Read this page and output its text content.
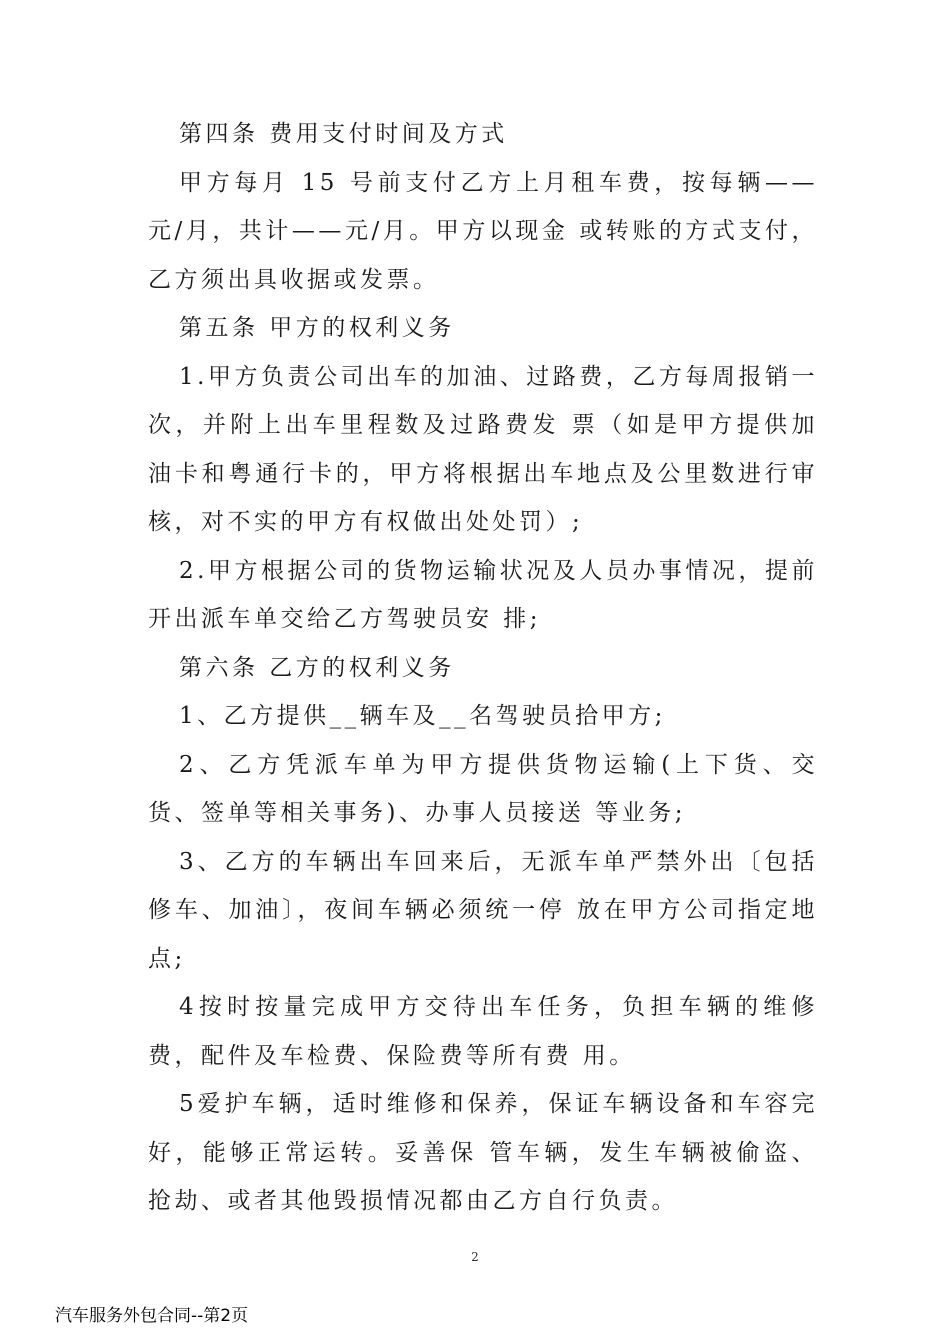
第四条 费用支付时间及方式

甲方每月 15 号前支付乙方上月租车费，按每辆——元/月，共计——元/月。甲方以现金 或转账的方式支付，乙方须出具收据或发票。

第五条 甲方的权利义务

1.甲方负责公司出车的加油、过路费，乙方每周报销一次，并附上出车里程数及过路费发 票（如是甲方提供加油卡和粤通行卡的，甲方将根据出车地点及公里数进行审核，对不实的甲方有权做出处处罚）;

2.甲方根据公司的货物运输状况及人员办事情况，提前开出派车单交给乙方驾驶员安 排;

第六条 乙方的权利义务

1、乙方提供__辆车及__名驾驶员拾甲方;

2、乙方凭派车单为甲方提供货物运输(上下货、交货、签单等相关事务)、办事人员接送 等业务;

3、乙方的车辆出车回来后，无派车单严禁外出〔包括修车、加油〕，夜间车辆必须统一停 放在甲方公司指定地点;

4按时按量完成甲方交待出车任务，负担车辆的维修费，配件及车检费、保险费等所有费 用。

5爱护车辆，适时维修和保养，保证车辆设备和车容完好，能够正常运转。妥善保 管车辆，发生车辆被偷盗、抢劫、或者其他毁损情况都由乙方自行负责。

2
汽车服务外包合同--第2页
